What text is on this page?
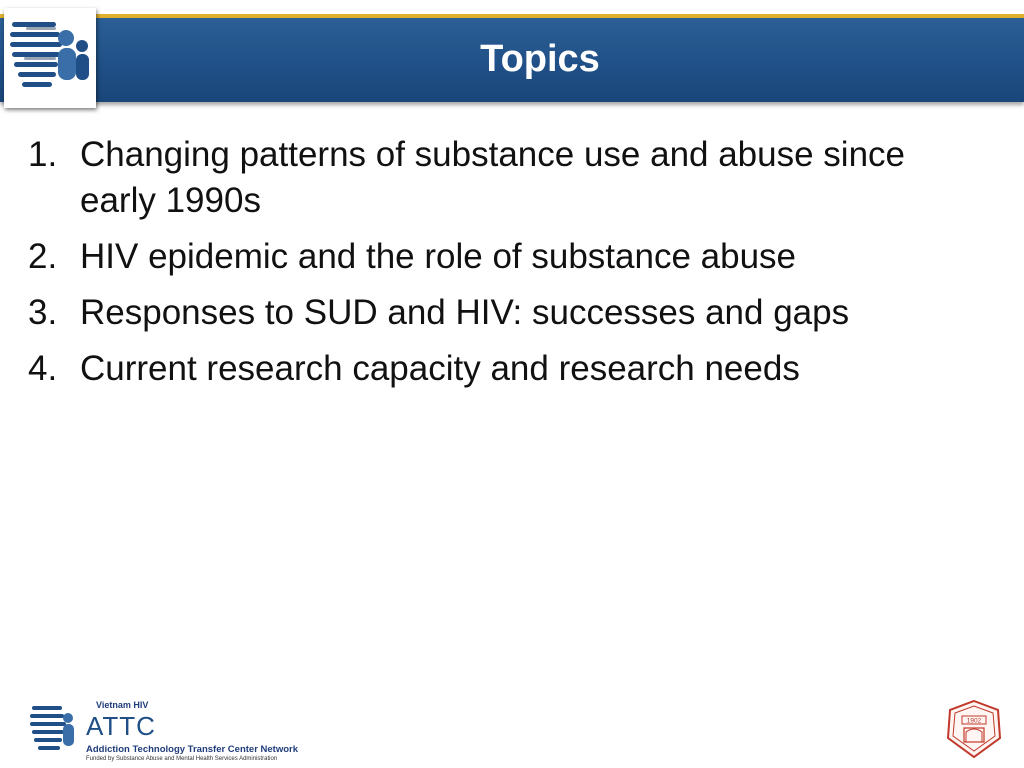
Topics
1. Changing patterns of substance use and abuse since early 1990s
2. HIV epidemic and the role of substance abuse
3. Responses to SUD and HIV: successes and gaps
4. Current research capacity and research needs
Vietnam HIV
ATTC
Addiction Technology Transfer Center Network
Funded by Substance Abuse and Mental Health Services Administration
1902
